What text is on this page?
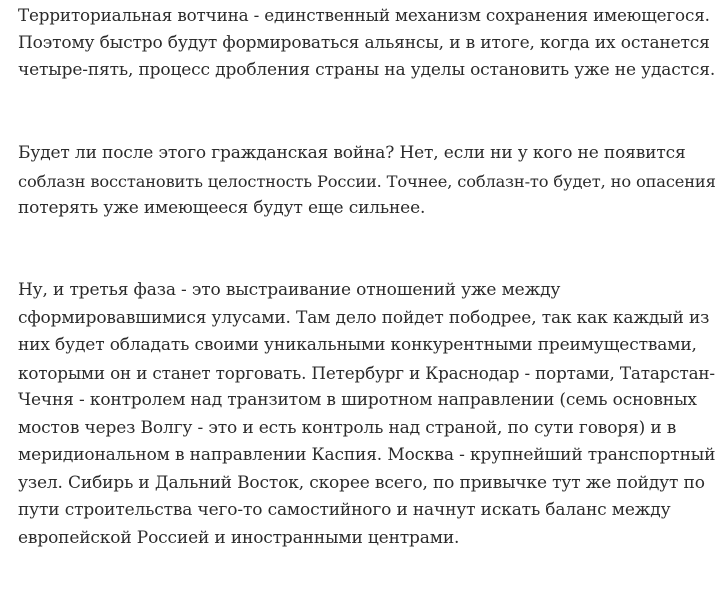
Территориальная вотчина - единственный механизм сохранения имеющегося.
Поэтому быстро будут формироваться альянсы, и в итоге, когда их останется
четыре-пять, процесс дробления страны на уделы остановить уже не удастся.
Будет ли после этого гражданская война? Нет, если ни у кого не появится
соблазн восстановить целостность России. Точнее, соблазн-то будет, но опасения
потерять уже имеющееся будут еще сильнее.
Ну, и третья фаза - это выстраивание отношений уже между
сформировавшимися улусами. Там дело пойдет пободрее, так как каждый из
них будет обладать своими уникальными конкурентными преимуществами,
которыми он и станет торговать. Петербург и Краснодар - портами, Татарстан-
Чечня - контролем над транзитом в широтном направлении (семь основных
мостов через Волгу - это и есть контроль над страной, по сути говоря) и в
меридиональном в направлении Каспия. Москва - крупнейший транспортный
узел. Сибирь и Дальний Восток, скорее всего, по привычке тут же пойдут по
пути строительства чего-то самостийного и начнут искать баланс между
европейской Россией и иностранными центрами.
